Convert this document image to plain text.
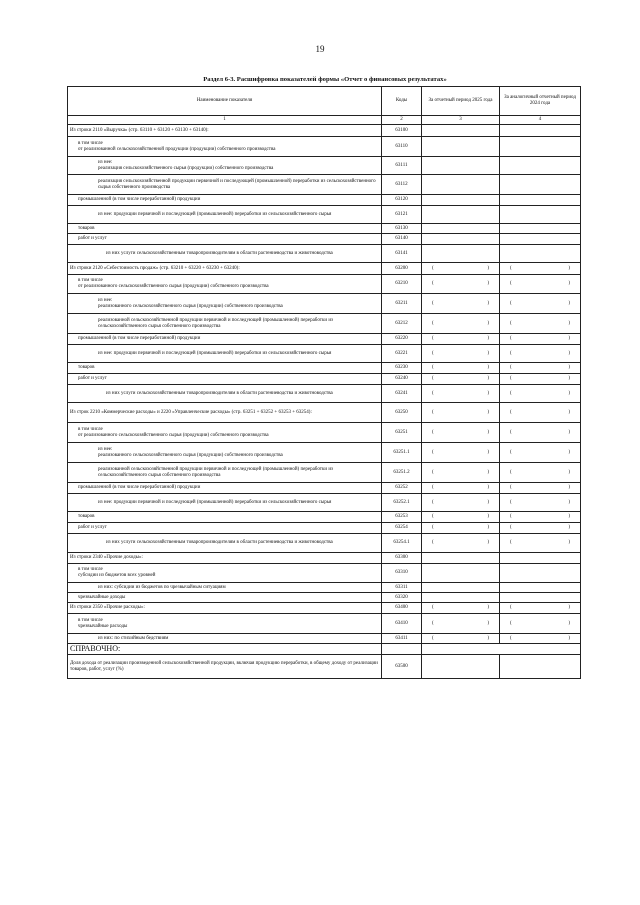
19
Раздел 6-3. Расшифровка показателей формы «Отчет о финансовых результатах»
Наименование показателя	Коды	За отчетный период 2025 года	За аналогичный отчетный период 2024 года
1	2	3	4
Из строки 2110 «Выручка» (стр. 63110 + 63120 + 63130 + 63140):	63100		
в том числе
от реализованной сельскохозяйственной продукции (продукции) собственного производства	63110		
из нее:
реализация сельскохозяйственного сырья (продукции) собственного производства	63111		
реализация сельскохозяйственной продукции первичной и последующей (промышленной) переработки из сельскохозяйственного сырья собственного производства	63112		
промышленной (в том числе переработанной) продукции	63120		
из нее: продукции первичной и последующей (промышленной) переработки из сельскохозяйственного сырья	63121		
товаров	63130		
работ и услуг	63140		
из них услуги сельскохозяйственным товаропроизводителям в области растениеводства и животноводства	63141		
Из строки 2120 «Себестоимость продаж» (стр. 63210 + 63220 + 63230 + 63240):	63200	( )	( )

в том числе
от реализованного сельскохозяйственного сырья (продукции) собственного производства	63210	( )	( )

из нее:
реализованного сельскохозяйственного сырья (продукции) собственного производства	63211	( )	( )

реализованной сельскохозяйственной продукции первичной и последующей (промышленной) переработки из сельскохозяйственного сырья собственного производства	63212	( )	( )

промышленной (в том числе переработанной) продукции	63220	( )	( )

из нее: продукции первичной и последующей (промышленной) переработки из сельскохозяйственного сырья	63221	( )	( )

товаров	63230	( )	( )

работ и услуг	63240	( )	( )

из них услуги сельскохозяйственным товаропроизводителям в области растениеводства и животноводства	63241	( )	( )

Из строк 2210 «Коммерческие расходы» и 2220 «Управленческие расходы» (стр. 63251 + 63252 + 63253 + 63254):	63250	( )	( )

в том числе
от реализованного сельскохозяйственного сырья (продукции) собственного производства	63251	( )	( )

из нее:
реализованного сельскохозяйственного сырья (продукции) собственного производства	63251.1	( )	( )

реализованной сельскохозяйственной продукции первичной и последующей (промышленной) переработки из сельскохозяйственного сырья собственного производства	63251.2	( )	( )

промышленной (в том числе переработанной) продукции	63252	( )	( )

из нее: продукции первичной и последующей (промышленной) переработки из сельскохозяйственного сырья	63252.1	( )	( )

товаров	63253	( )	( )

работ и услуг	63254	( )	( )

из них услуги сельскохозяйственным товаропроизводителям в области растениеводства и животноводства	63254.1	( )	( )

Из строки 2340 «Прочие доходы»:	63300		
в том числе
субсидии из бюджетов всех уровней	63310		
из них: субсидии из бюджетов по чрезвычайным ситуациям	63311		
чрезвычайные доходы	63320		
Из строки 2350 «Прочие расходы»:	63400	( )	( )

в том числе
чрезвычайные расходы	63410	( )	( )

из них: по стихийным бедствиям	63411	( )	( )

СПРАВОЧНО:			
Доля дохода от реализации произведенной сельскохозяйственной продукции, включая продукцию переработки, в общему доходу от реализации товаров, работ, услуг (%)	63500		
